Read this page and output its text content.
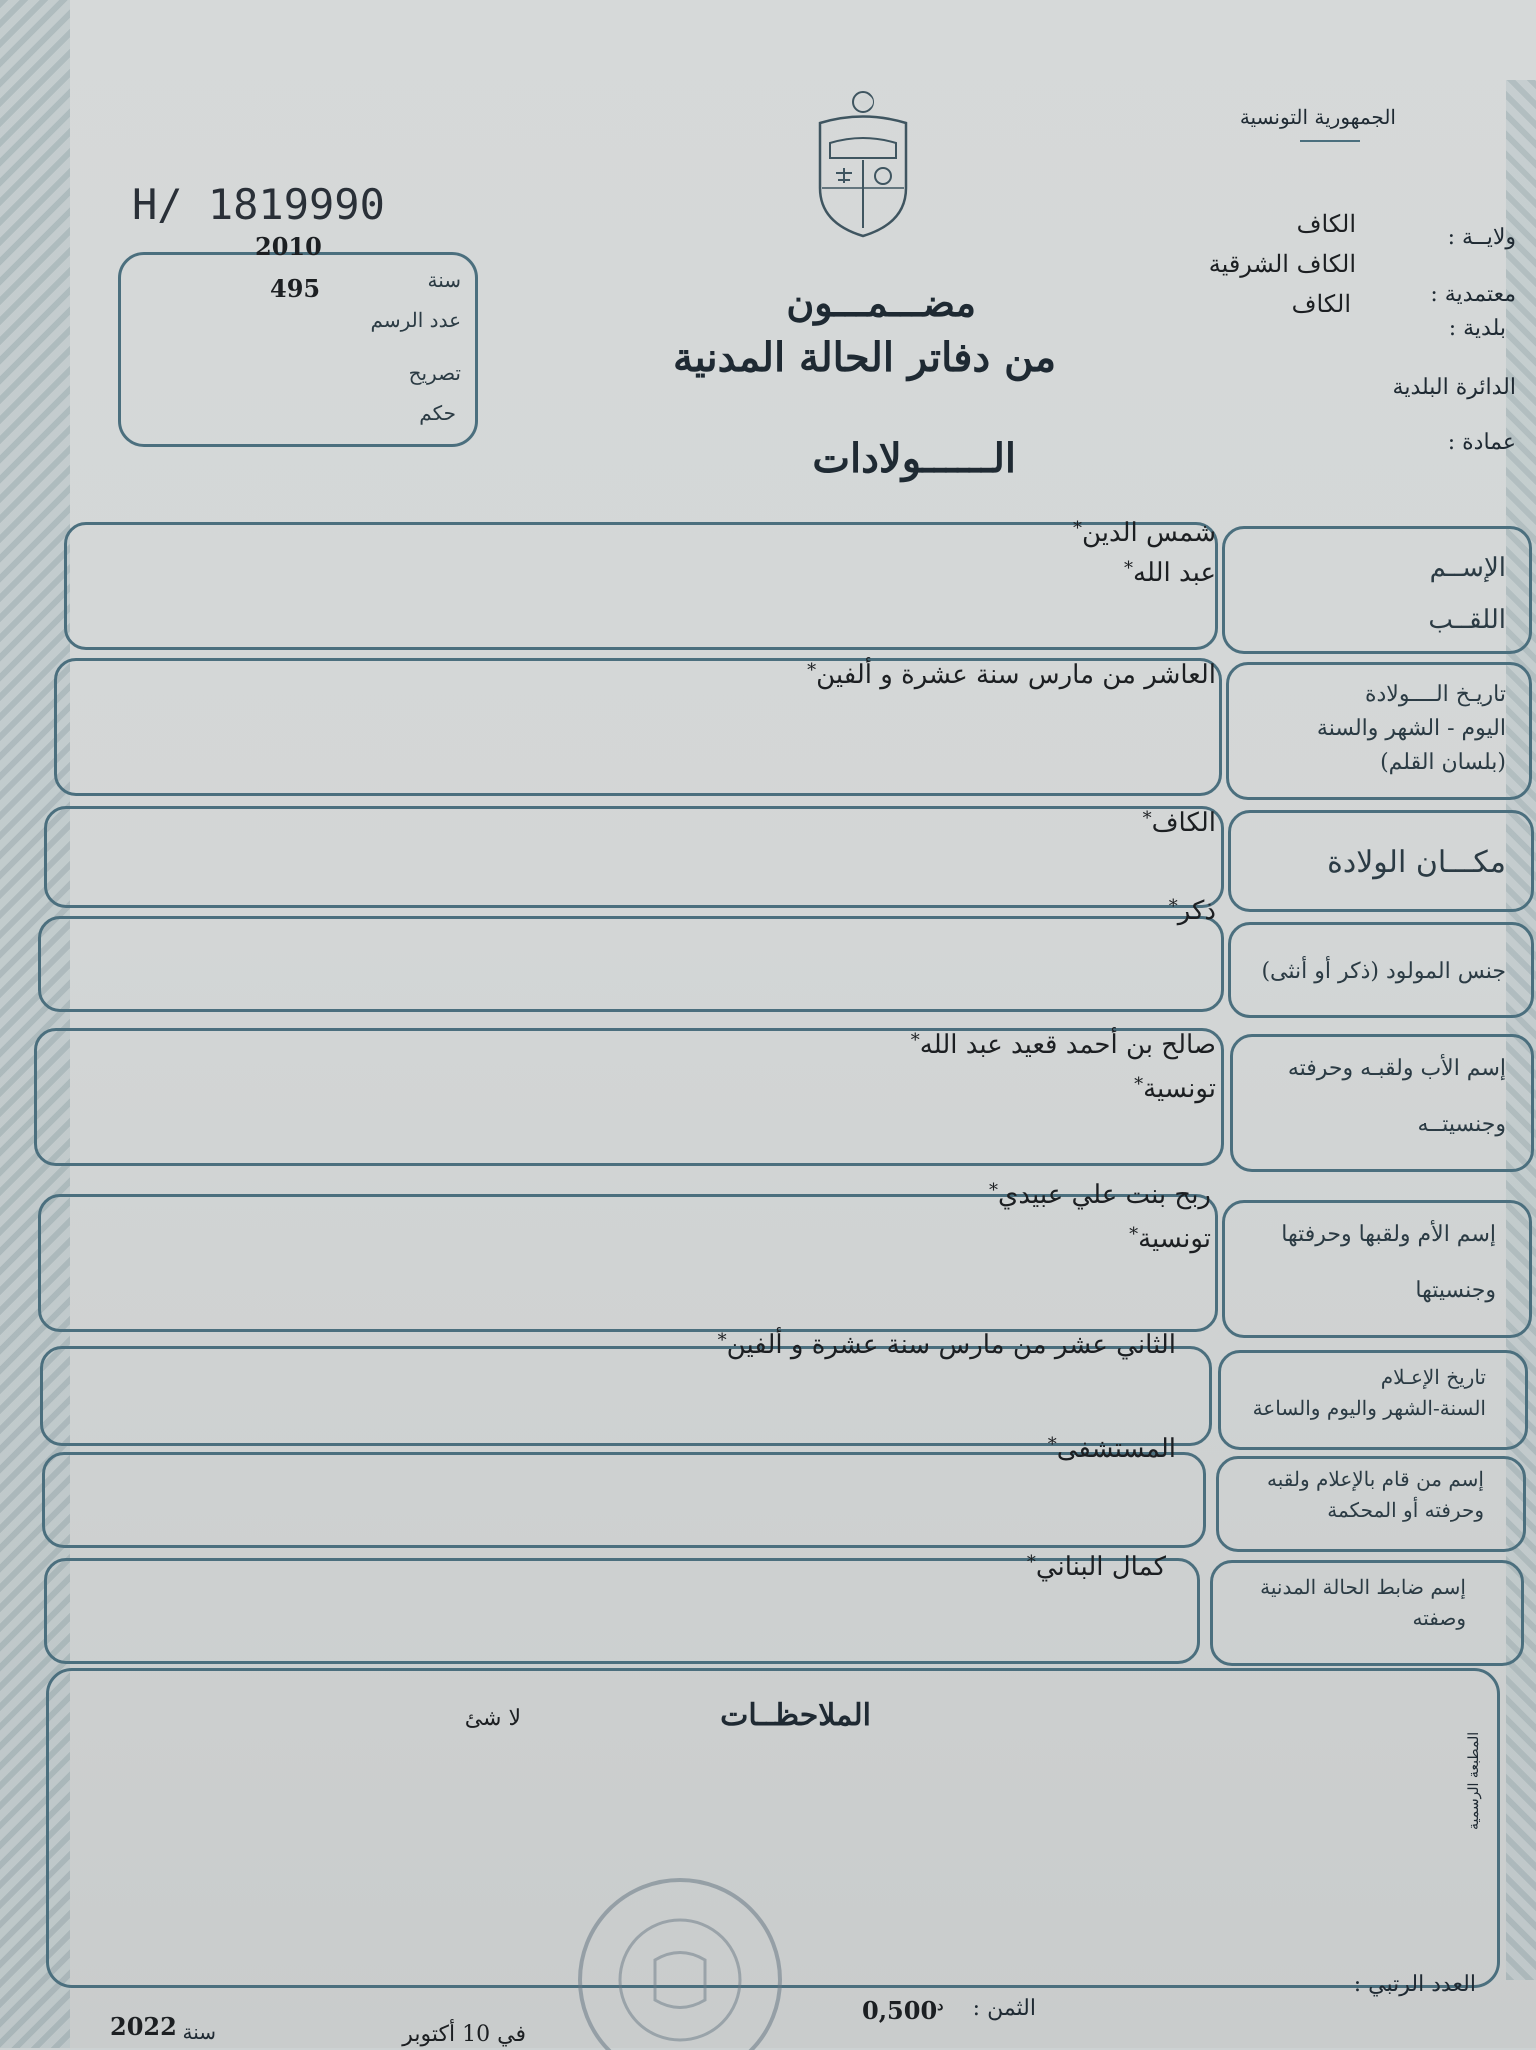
الجمهورية التونسية
ولايــة :
الكاف
معتمدية :
الكاف الشرقية
بلدية :
الكاف
الدائرة البلدية
عمادة :
H/ 1819990
2010
سنة
495
عدد الرسم
تصريح
حكم
مضـــمـــون
من دفاتر الحالة المدنية
الــــــولادات
الإســم
اللقــب
شمس الدين*
عبد الله*
تاريـخ الــــولادة
اليوم - الشهر والسنة
(بلسان القلم)
العاشر من مارس سنة عشرة و ألفين*
مكـــان الولادة
الكاف*
جنس المولود (ذكر أو أنثى)
ذكر*
إسم الأب ولقبـه وحرفته
وجنسيتــه
صالح بن أحمد قعيد عبد الله*
تونسية*
إسم الأم ولقبها وحرفتها
وجنسيتها
ربح بنت علي عبيدي*
تونسية*
تاريخ الإعـلام
السنة-الشهر واليوم والساعة
الثاني عشر من مارس سنة عشرة و ألفين*
إسم من قام بالإعلام ولقبه
وحرفته أو المحكمة
المستشفى*
إسم ضابط الحالة المدنية
وصفته
كمال البناني*
الملاحظــات
لا شئ
المطبعة الرسمية
العدد الرتبي :
الثمن :
$0,500^د$
في 10 أكتوبر
سنة
2022
